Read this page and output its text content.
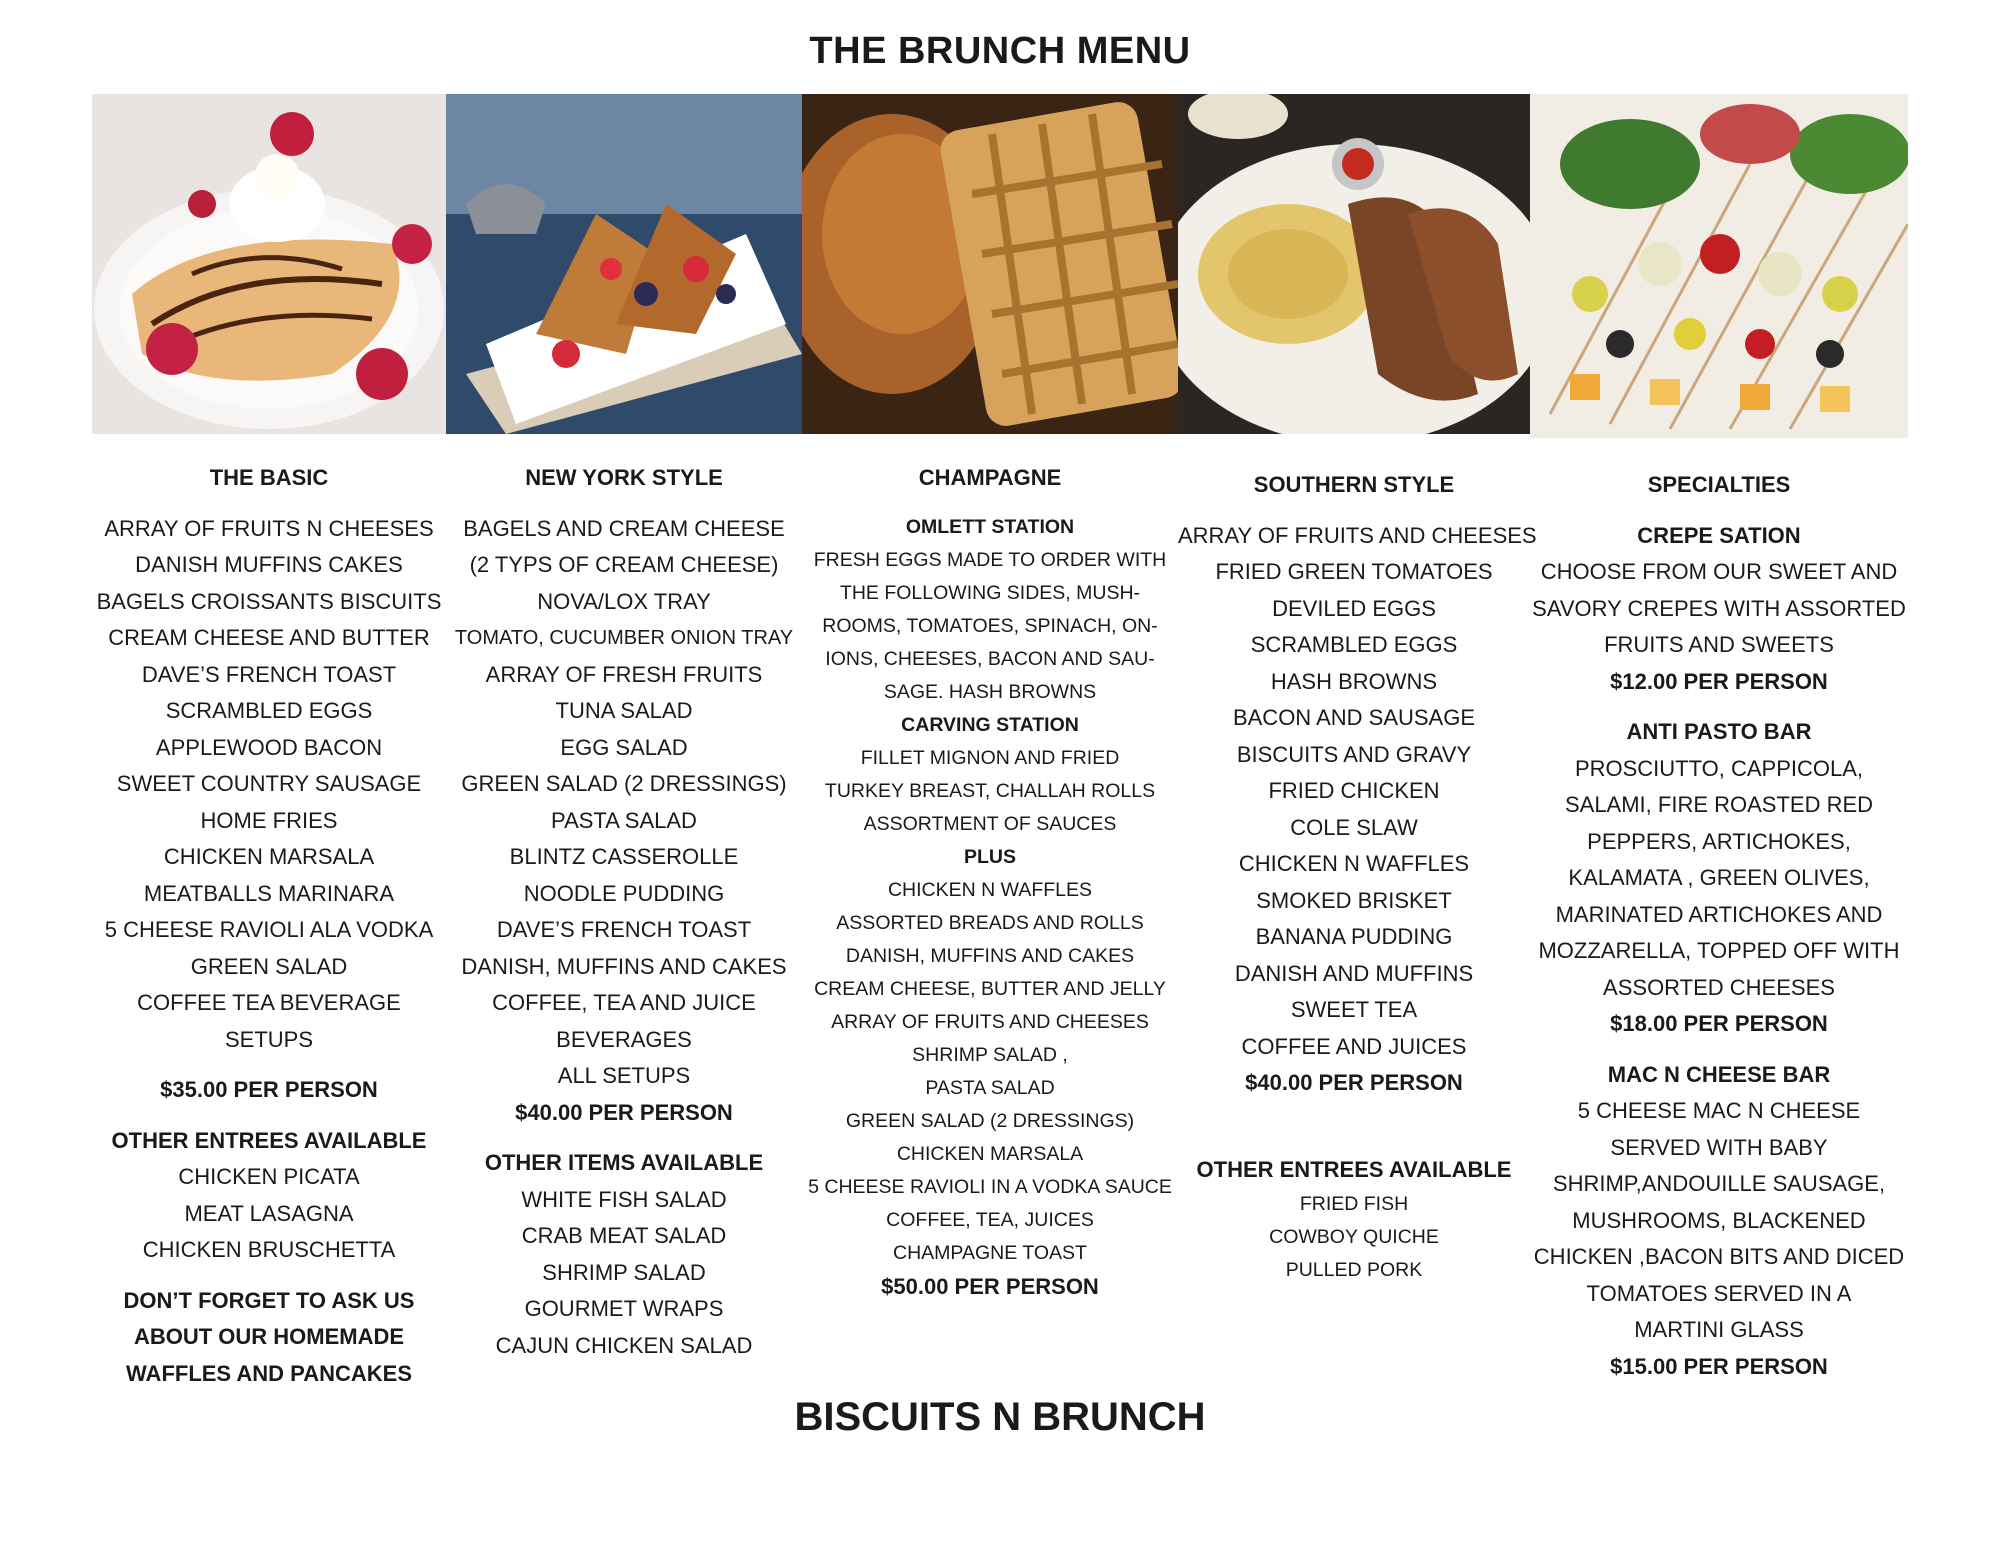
THE BRUNCH MENU
THE BASIC
ARRAY OF FRUITS N CHEESES
DANISH MUFFINS CAKES
BAGELS CROISSANTS BISCUITS
CREAM CHEESE AND BUTTER
DAVE’S FRENCH TOAST
SCRAMBLED EGGS
APPLEWOOD BACON
SWEET COUNTRY SAUSAGE
HOME FRIES
CHICKEN MARSALA
MEATBALLS MARINARA
5 CHEESE RAVIOLI ALA VODKA
GREEN SALAD
COFFEE TEA BEVERAGE
SETUPS
$35.00 PER PERSON
OTHER ENTREES AVAILABLE
CHICKEN PICATA
MEAT LASAGNA
CHICKEN BRUSCHETTA
DON’T FORGET TO ASK US
ABOUT OUR HOMEMADE
WAFFLES AND PANCAKES
NEW YORK STYLE
BAGELS AND CREAM CHEESE
(2 TYPS OF CREAM CHEESE)
NOVA/LOX TRAY
TOMATO, CUCUMBER ONION TRAY
ARRAY OF FRESH FRUITS
TUNA SALAD
EGG SALAD
GREEN SALAD (2 DRESSINGS)
PASTA SALAD
BLINTZ CASSEROLLE
NOODLE PUDDING
DAVE’S FRENCH TOAST
DANISH, MUFFINS AND CAKES
COFFEE, TEA AND JUICE
BEVERAGES
ALL SETUPS
$40.00 PER PERSON
OTHER ITEMS AVAILABLE
WHITE FISH SALAD
CRAB MEAT SALAD
SHRIMP SALAD
GOURMET WRAPS
CAJUN CHICKEN SALAD
CHAMPAGNE
OMLETT STATION
FRESH EGGS MADE TO ORDER WITH
THE FOLLOWING SIDES, MUSH-
ROOMS, TOMATOES, SPINACH, ON-
IONS, CHEESES, BACON AND SAU-
SAGE. HASH BROWNS
CARVING STATION
FILLET MIGNON AND FRIED
TURKEY BREAST, CHALLAH ROLLS
ASSORTMENT OF SAUCES
PLUS
CHICKEN N WAFFLES
ASSORTED BREADS AND ROLLS
DANISH, MUFFINS AND CAKES
CREAM CHEESE, BUTTER AND JELLY
ARRAY OF FRUITS AND CHEESES
SHRIMP SALAD ,
PASTA SALAD
GREEN SALAD (2 DRESSINGS)
CHICKEN MARSALA
5 CHEESE RAVIOLI IN A VODKA SAUCE
COFFEE, TEA, JUICES
CHAMPAGNE TOAST
$50.00 PER PERSON
SOUTHERN STYLE
ARRAY OF FRUITS AND CHEESES
FRIED GREEN TOMATOES
DEVILED EGGS
SCRAMBLED EGGS
HASH BROWNS
BACON AND SAUSAGE
BISCUITS AND GRAVY
FRIED CHICKEN
COLE SLAW
CHICKEN N WAFFLES
SMOKED BRISKET
BANANA PUDDING
DANISH AND MUFFINS
SWEET TEA
COFFEE AND JUICES
$40.00 PER PERSON
OTHER ENTREES AVAILABLE
FRIED FISH
COWBOY QUICHE
PULLED PORK
SPECIALTIES
CREPE SATION
CHOOSE FROM OUR SWEET AND
SAVORY CREPES WITH ASSORTED
FRUITS AND SWEETS
$12.00 PER PERSON
ANTI PASTO BAR
PROSCIUTTO, CAPPICOLA,
SALAMI, FIRE ROASTED RED
PEPPERS, ARTICHOKES,
KALAMATA , GREEN OLIVES,
MARINATED ARTICHOKES AND
MOZZARELLA, TOPPED OFF WITH
ASSORTED CHEESES
$18.00 PER PERSON
MAC N CHEESE BAR
5 CHEESE MAC N CHEESE
SERVED WITH BABY
SHRIMP,ANDOUILLE SAUSAGE,
MUSHROOMS, BLACKENED
CHICKEN ,BACON BITS AND DICED
TOMATOES SERVED IN A
MARTINI GLASS
$15.00 PER PERSON
BISCUITS N BRUNCH
